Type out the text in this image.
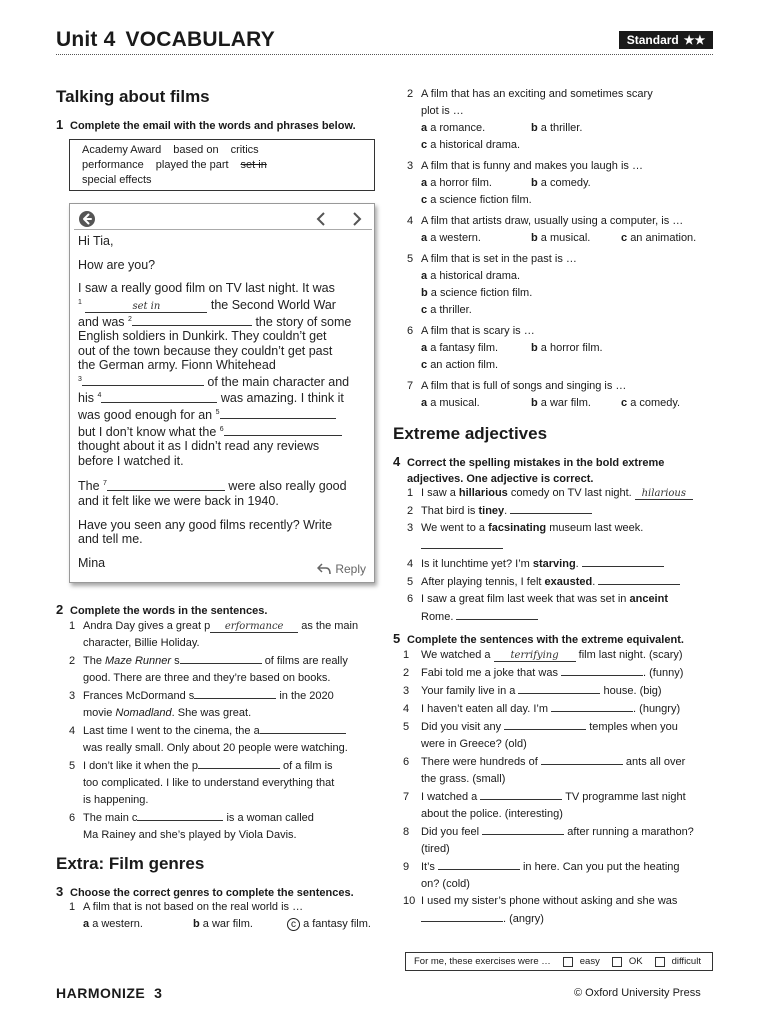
Unit 4 VOCABULARY	Standard ★★
Talking about films
1 Complete the email with the words and phrases below.
Academy Award based on critics
performance played the part set in
special effects

Hi Tia,

How are you?

I saw a really good film on TV last night. It was
$^1$	set in	the Second World War
and was $^2$	the story of some
English soldiers in Dunkirk. They couldn’t get
out of the town because they couldn’t get past
the German army. Fionn Whitehead
$^3$	of the main character and
his $^4$	was amazing. I think it
was good enough for an $^5$
but I don’t know what the $^6$
thought about it as I didn’t read any reviews
before I watched it.

The $^7$	were also really good
and it felt like we were back in 1940.

Have you seen any good films recently? Write
and tell me.

Mina	Reply
2 Complete the words in the sentences.
1 Andra Day gives a great p erformance as the main
character, Billie Holiday.
2 The Maze Runner s	of films are really
good. There are three and they’re based on books.
3 Frances McDormand s	in the 2020
movie Nomadland. She was great.
4 Last time I went to the cinema, the a
was really small. Only about 20 people were watching.
5 I don’t like it when the p	of a film is
too complicated. I like to understand everything that
is happening.
6 The main c	is a woman called
Ma Rainey and she’s played by Viola Davis.
Extra: Film genres
3 Choose the correct genres to complete the sentences.
1 A film that is not based on the real world is …
a a western.	b a war film.	c a fantasy film.
2 A film that has an exciting and sometimes scary
plot is …
a a romance.	b a thriller.
c a historical drama.
3 A film that is funny and makes you laugh is …
a a horror film.	b a comedy.
c a science fiction film.
4 A film that artists draw, usually using a computer, is …
a a western.	b a musical.	c an animation.
5 A film that is set in the past is …
a a historical drama.
b a science fiction film.
c a thriller.
6 A film that is scary is …
a a fantasy film.	b a horror film.
c an action film.
7 A film that is full of songs and singing is …
a a musical.	b a war film.	c a comedy.
Extreme adjectives
4 Correct the spelling mistakes in the bold extreme
adjectives. One adjective is correct.
1 I saw a hillarious comedy on TV last night. hilarious
2 That bird is tiney.
3 We went to a facsinating museum last week.
4 Is it lunchtime yet? I’m starving.
5 After playing tennis, I felt exausted.
6 I saw a great film last week that was set in anceint
Rome.
5 Complete the sentences with the extreme equivalent.
1 We watched a terrifying film last night. (scary)
2 Fabi told me a joke that was	. (funny)
3 Your family live in a	house. (big)
4 I haven’t eaten all day. I’m	. (hungry)
5 Did you visit any	temples when you
were in Greece? (old)
6 There were hundreds of	ants all over
the grass. (small)
7 I watched a	TV programme last night
about the police. (interesting)
8 Did you feel	after running a marathon?
(tired)
9 It’s	in here. Can you put the heating
on? (cold)
10 I used my sister’s phone without asking and she was
. (angry)
For me, these exercises were …	easy	OK	difficult
HARMONIZE 3	© Oxford University Press
